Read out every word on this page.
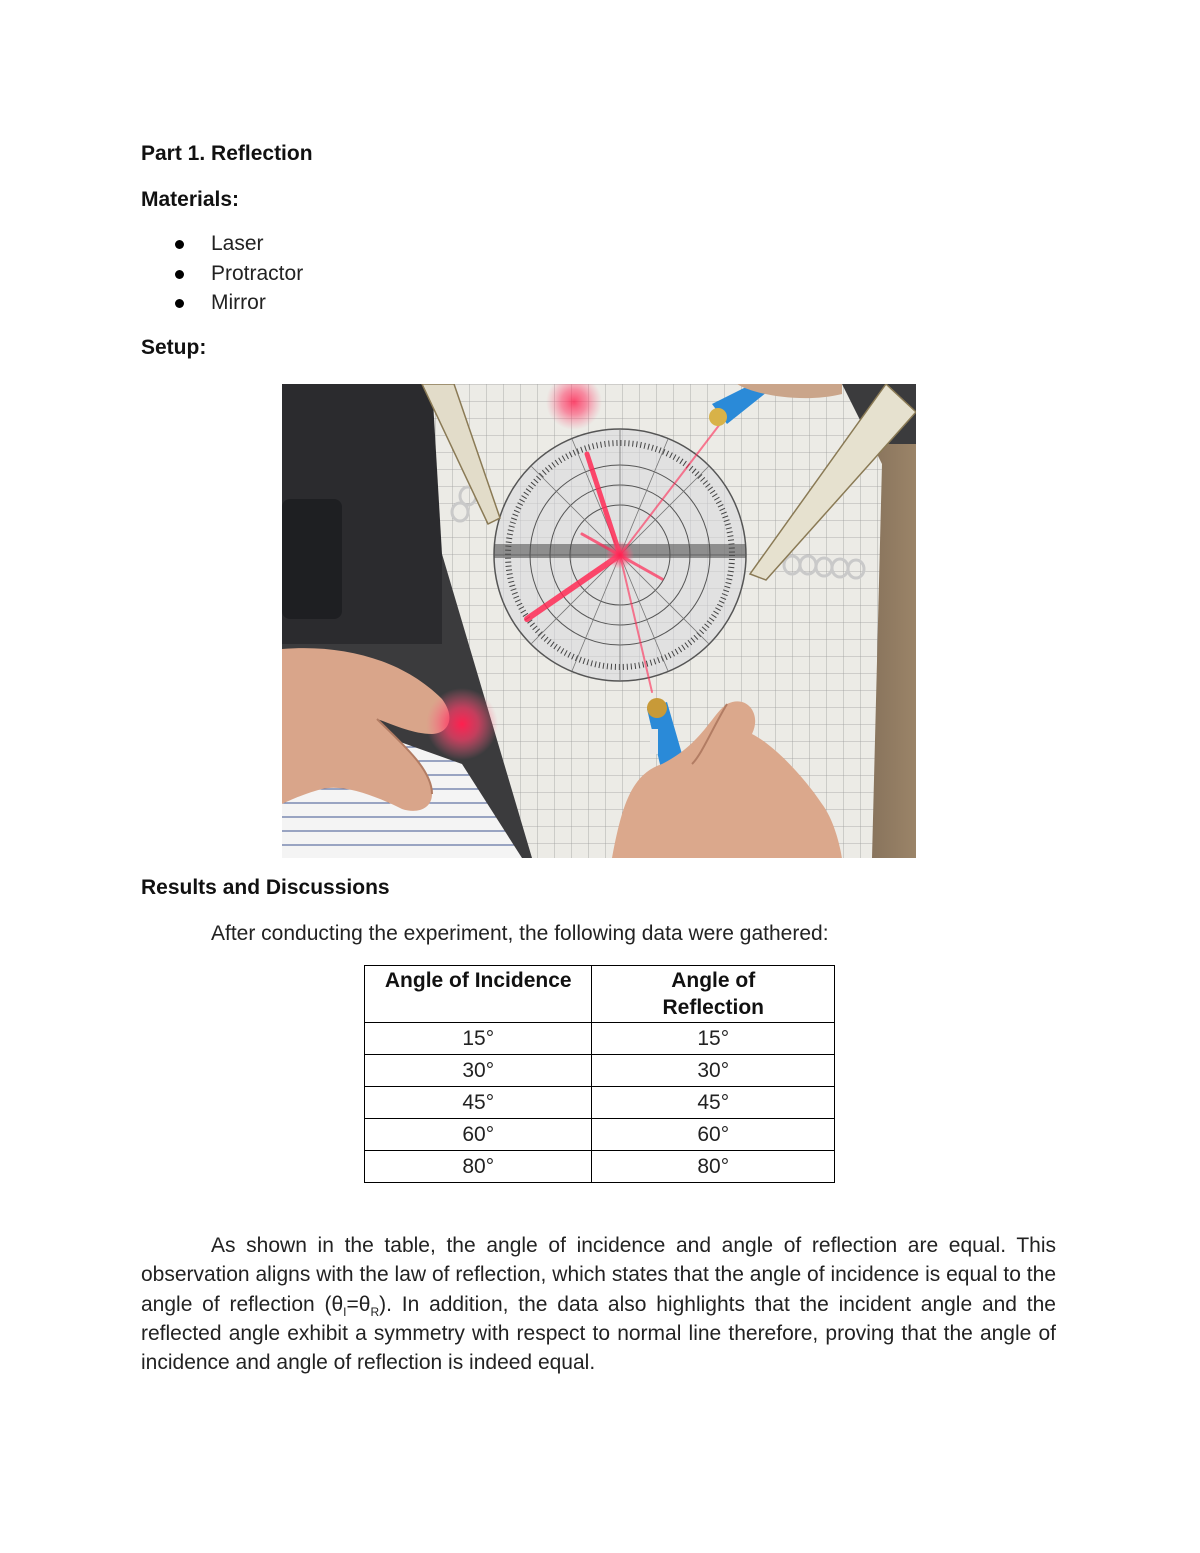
Part 1. Reflection
Materials:
Laser
Protractor
Mirror
Setup:
Results and Discussions

After conducting the experiment, the following data were gathered:

Angle of Incidence	Angle of Reflection
15°	15°
30°	30°
45°	45°
60°	60°
80°	80°

As shown in the table, the angle of incidence and angle of reflection are equal. This observation aligns with the law of reflection, which states that the angle of incidence is equal to the angle of reflection $(\theta_I=\theta_R)$. In addition, the data also highlights that the incident angle and the reflected angle exhibit a symmetry with respect to normal line therefore, proving that the angle of incidence and angle of reflection is indeed equal.
